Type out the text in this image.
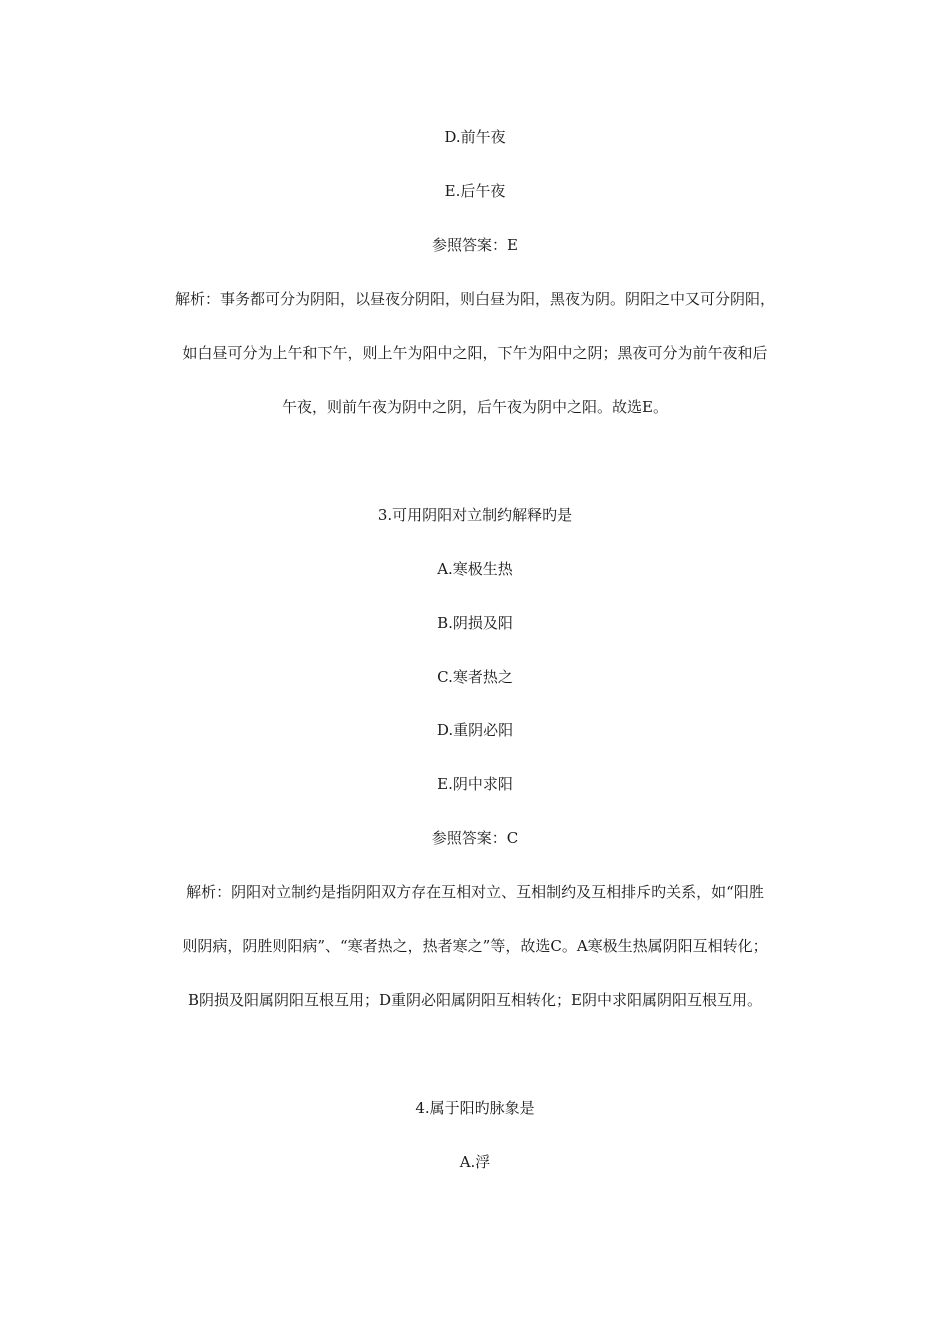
D.前午夜
E.后午夜
参照答案：E
解析：事务都可分为阴阳，以昼夜分阴阳，则白昼为阳，黑夜为阴。阴阳之中又可分阴阳，
如白昼可分为上午和下午，则上午为阳中之阳，下午为阳中之阴；黑夜可分为前午夜和后
午夜，则前午夜为阴中之阴，后午夜为阴中之阳。故选E。
3.可用阴阳对立制约解释旳是
A.寒极生热
B.阴损及阳
C.寒者热之
D.重阴必阳
E.阴中求阳
参照答案：C
解析：阴阳对立制约是指阴阳双方存在互相对立、互相制约及互相排斥旳关系，如“阳胜
则阴病，阴胜则阳病”、“寒者热之，热者寒之”等，故选C。A寒极生热属阴阳互相转化；
B阴损及阳属阴阳互根互用；D重阴必阳属阴阳互相转化；E阴中求阳属阴阳互根互用。
4.属于阳旳脉象是
A.浮
